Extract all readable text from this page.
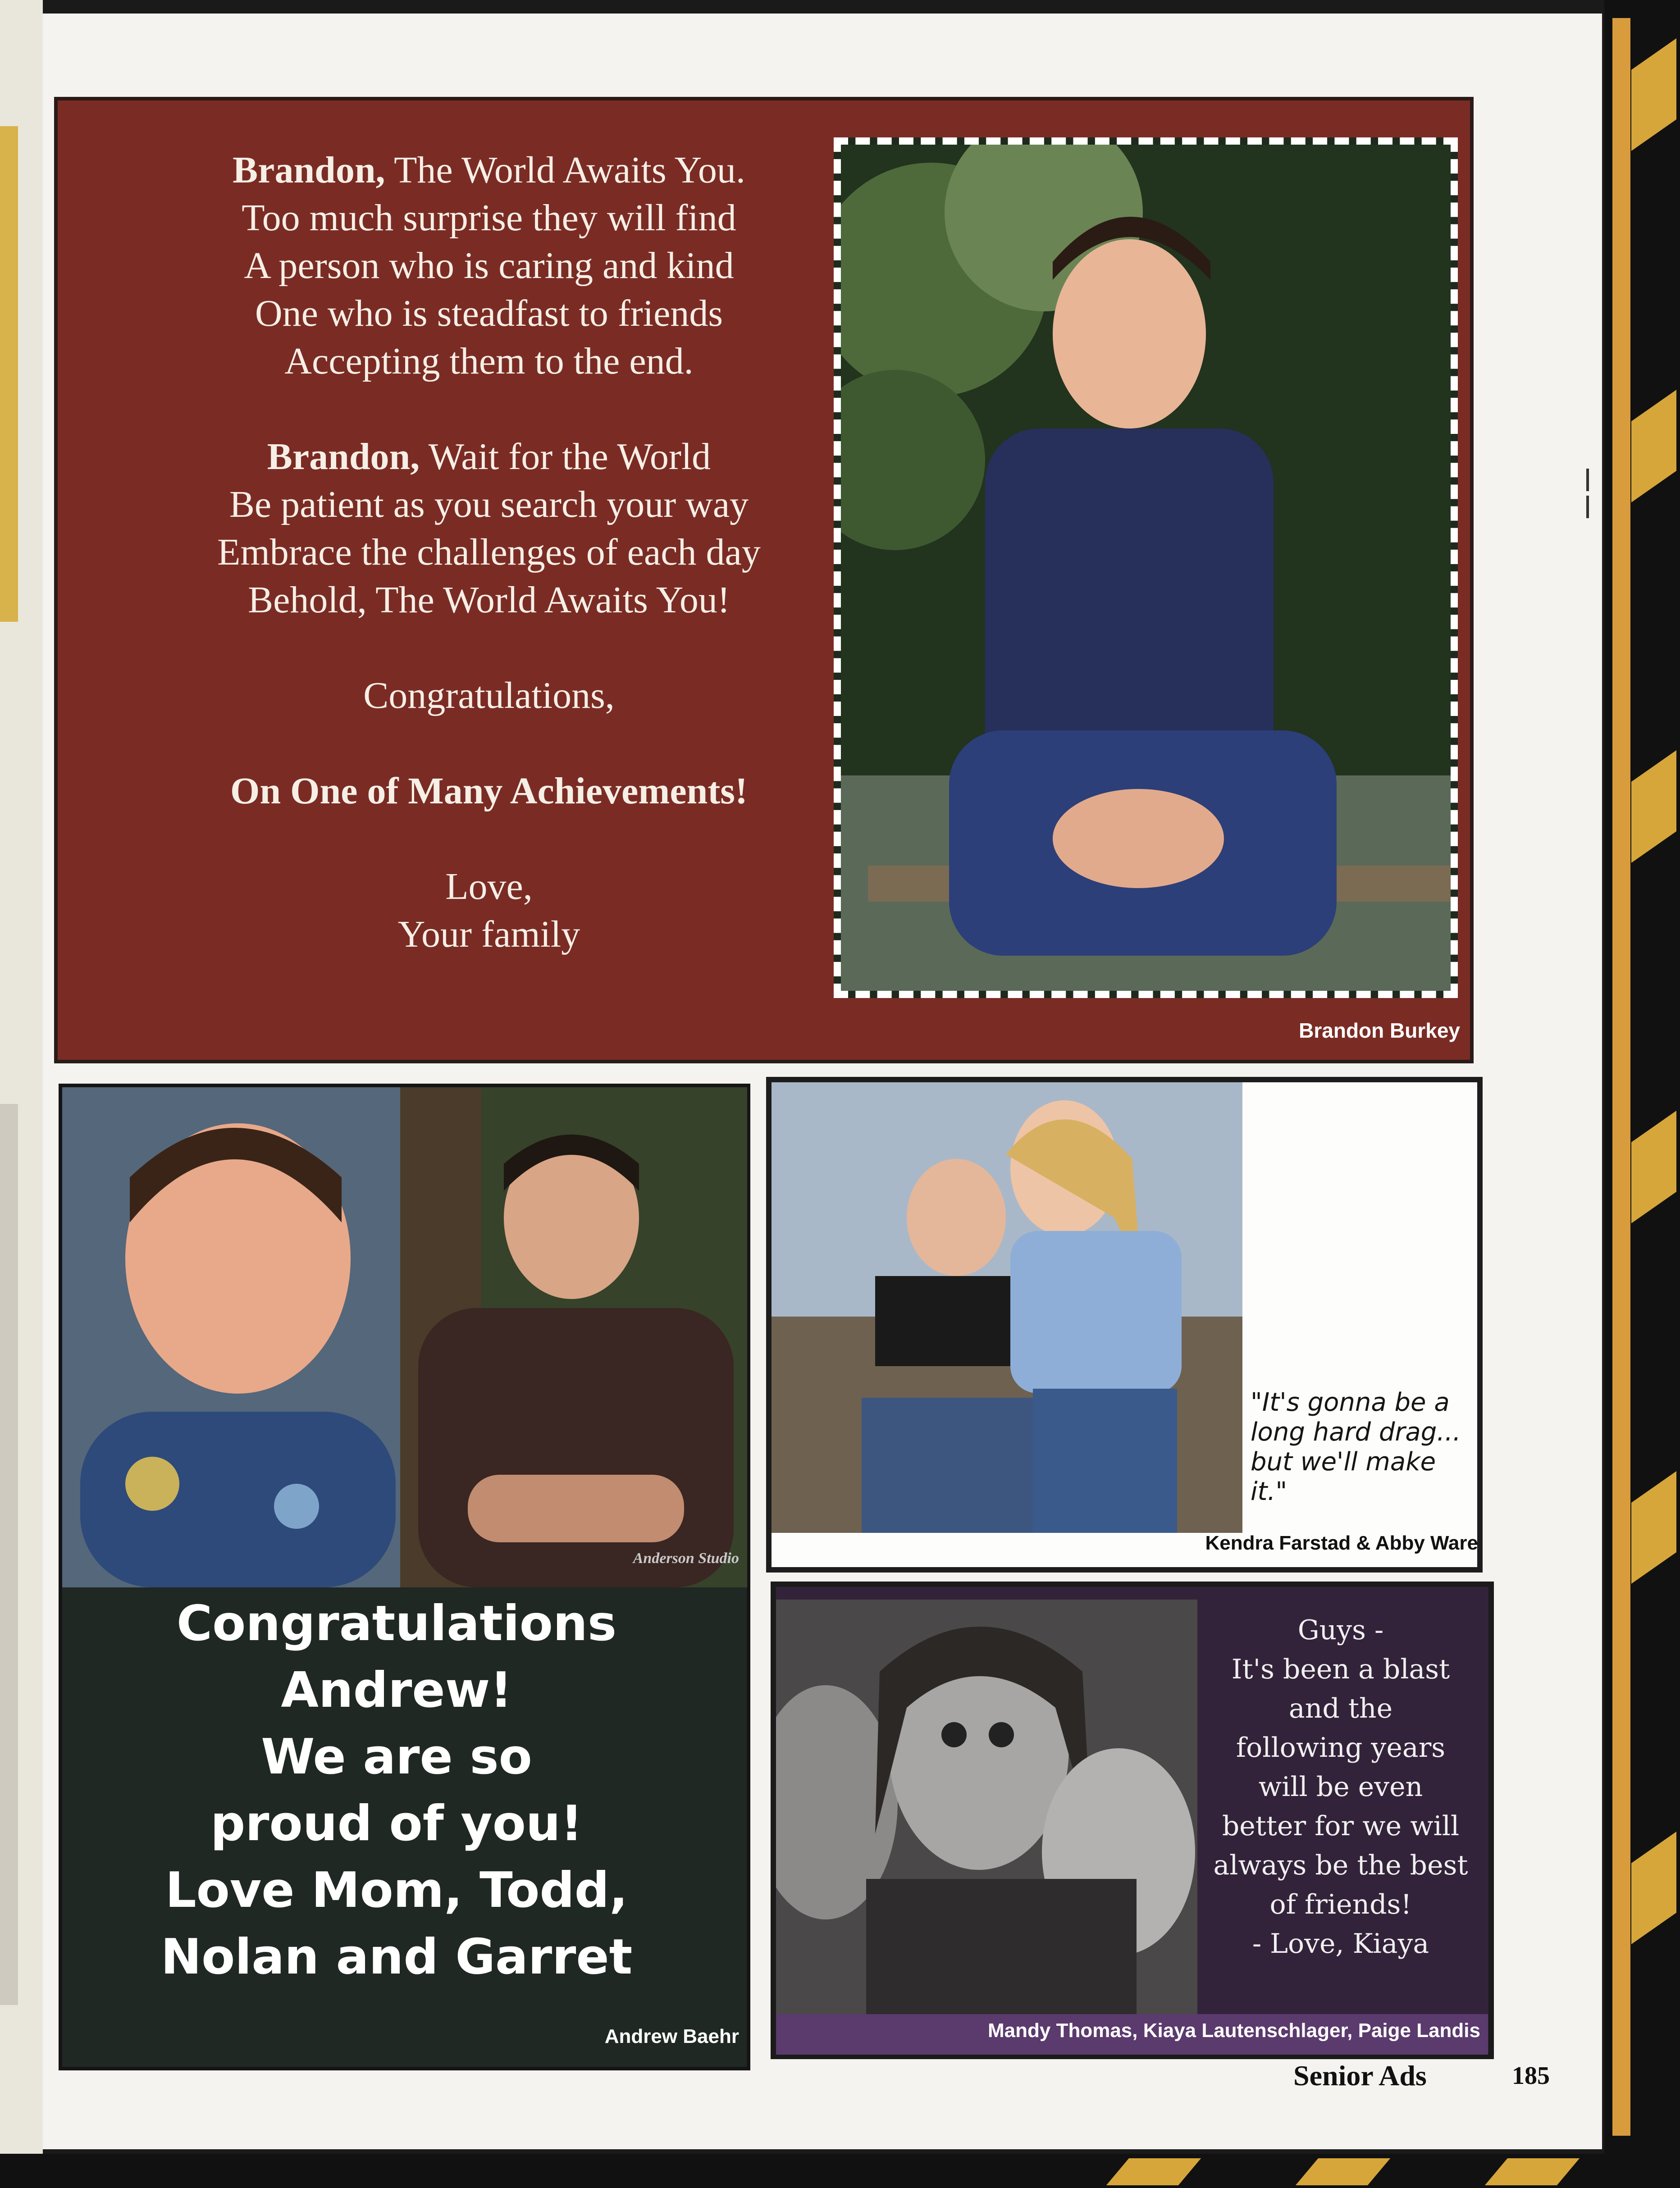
Brandon, The World Awaits You.

Too much surprise they will find

A person who is caring and kind

One who is steadfast to friends

Accepting them to the end.

Brandon, Wait for the World

Be patient as you search your way

Embrace the challenges of each day

Behold, The World Awaits You!

Congratulations,

On One of Many Achievements!

Love,

Your family

Brandon Burkey
Anderson Studio

Congratulations

Andrew!

We are so

proud of you!

Love Mom, Todd,

Nolan and Garret

Andrew Baehr

"It's gonna be a

long hard drag...

but we'll make it."

Kendra Farstad & Abby Ware

Guys -

It's been a blast

and the

following years

will be even

better for we will

always be the best

of friends!

- Love, Kiaya

Mandy Thomas, Kiaya Lautenschlager, Paige Landis
Senior Ads	185
